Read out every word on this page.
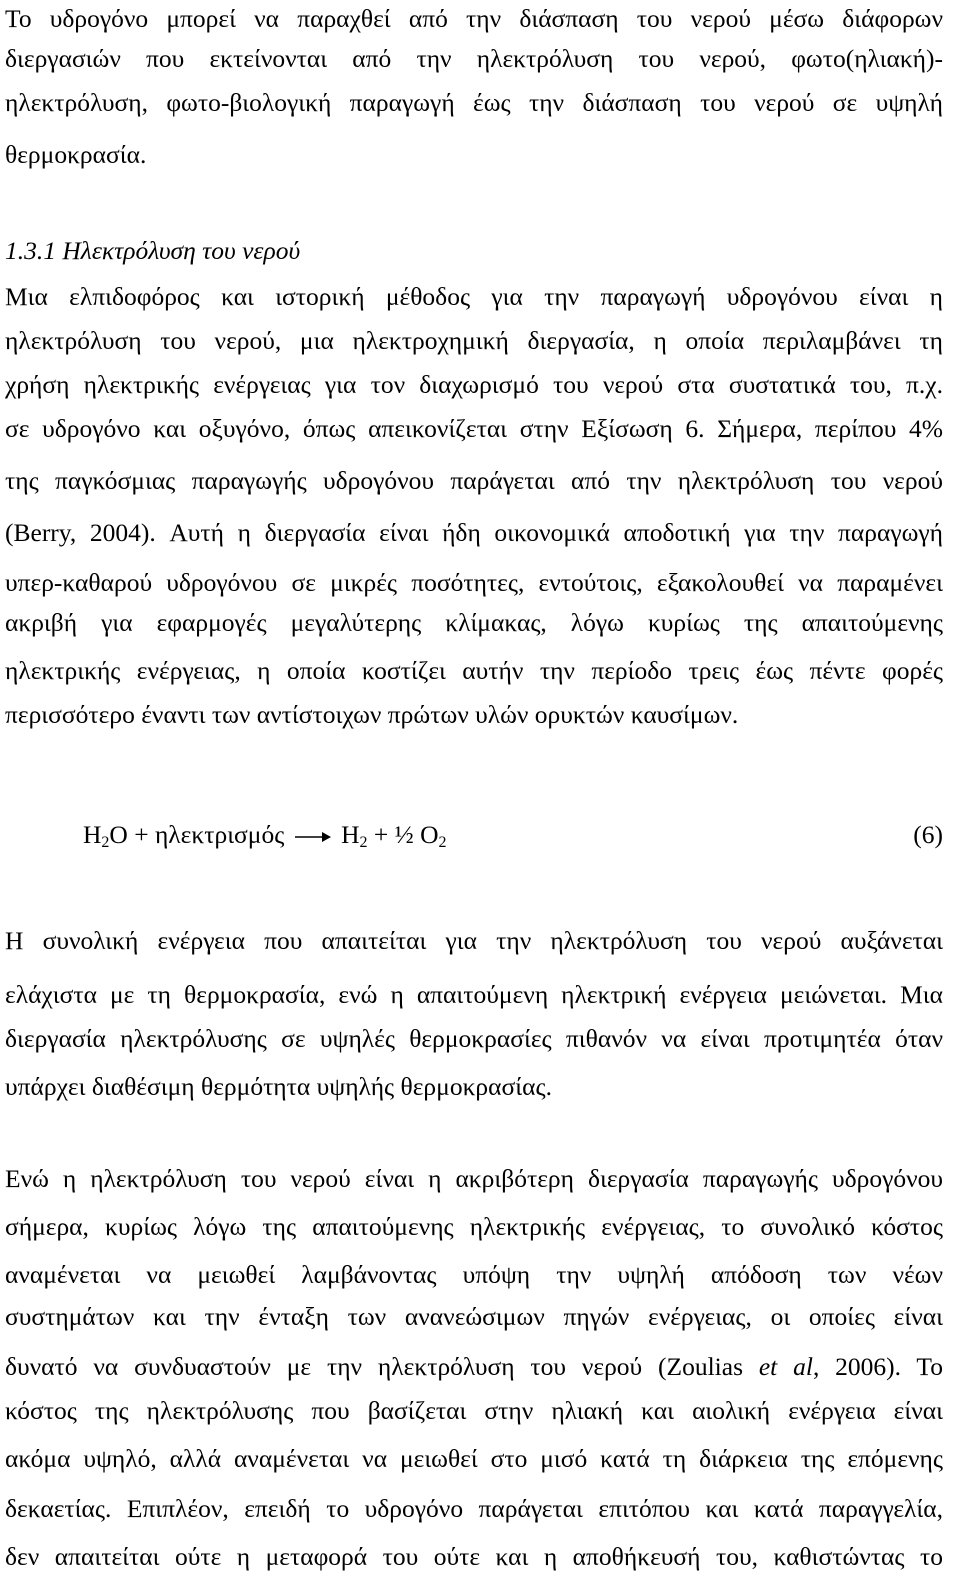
Το υδρογόνο μπορεί να παραχθεί από την διάσπαση του νερού μέσω διάφορων
διεργασιών που εκτείνονται από την ηλεκτρόλυση του νερού, φωτο(ηλιακή)-
ηλεκτρόλυση, φωτο-βιολογική παραγωγή έως την διάσπαση του νερού σε υψηλή
θερμοκρασία.
1.3.1 Ηλεκτρόλυση του νερού
Μια ελπιδοφόρος και ιστορική μέθοδος για την παραγωγή υδρογόνου είναι η
ηλεκτρόλυση του νερού, μια ηλεκτροχημική διεργασία, η οποία περιλαμβάνει τη
χρήση ηλεκτρικής ενέργειας για τον διαχωρισμό του νερού στα συστατικά του, π.χ.
σε υδρογόνο και οξυγόνο, όπως απεικονίζεται στην Εξίσωση 6. Σήμερα, περίπου 4%
της παγκόσμιας παραγωγής υδρογόνου παράγεται από την ηλεκτρόλυση του νερού
(Berry, 2004). Αυτή η διεργασία είναι ήδη οικονομικά αποδοτική για την παραγωγή
υπερ-καθαρού υδρογόνου σε μικρές ποσότητες, εντούτοις, εξακολουθεί να παραμένει
ακριβή για εφαρμογές μεγαλύτερης κλίμακας, λόγω κυρίως της απαιτούμενης
ηλεκτρικής ενέργειας, η οποία κοστίζει αυτήν την περίοδο τρεις έως πέντε φορές
περισσότερο έναντι των αντίστοιχων πρώτων υλών ορυκτών καυσίμων.
$H_2O + \eta\lambda\varepsilon\kappa\tau\rho\iota\sigma\mu ό\varsigma \to H_2$ + ½ $O_2$	(6)
Η συνολική ενέργεια που απαιτείται για την ηλεκτρόλυση του νερού αυξάνεται
ελάχιστα με τη θερμοκρασία, ενώ η απαιτούμενη ηλεκτρική ενέργεια μειώνεται. Μια
διεργασία ηλεκτρόλυσης σε υψηλές θερμοκρασίες πιθανόν να είναι προτιμητέα όταν
υπάρχει διαθέσιμη θερμότητα υψηλής θερμοκρασίας.
Ενώ η ηλεκτρόλυση του νερού είναι η ακριβότερη διεργασία παραγωγής υδρογόνου
σήμερα, κυρίως λόγω της απαιτούμενης ηλεκτρικής ενέργειας, το συνολικό κόστος
αναμένεται να μειωθεί λαμβάνοντας υπόψη την υψηλή απόδοση των νέων
συστημάτων και την ένταξη των ανανεώσιμων πηγών ενέργειας, οι οποίες είναι
δυνατό να συνδυαστούν με την ηλεκτρόλυση του νερού (Zoulias et al, 2006). Το
κόστος της ηλεκτρόλυσης που βασίζεται στην ηλιακή και αιολική ενέργεια είναι
ακόμα υψηλό, αλλά αναμένεται να μειωθεί στο μισό κατά τη διάρκεια της επόμενης
δεκαετίας. Επιπλέον, επειδή το υδρογόνο παράγεται επιτόπου και κατά παραγγελία,
δεν απαιτείται ούτε η μεταφορά του ούτε και η αποθήκευσή του, καθιστώντας το
